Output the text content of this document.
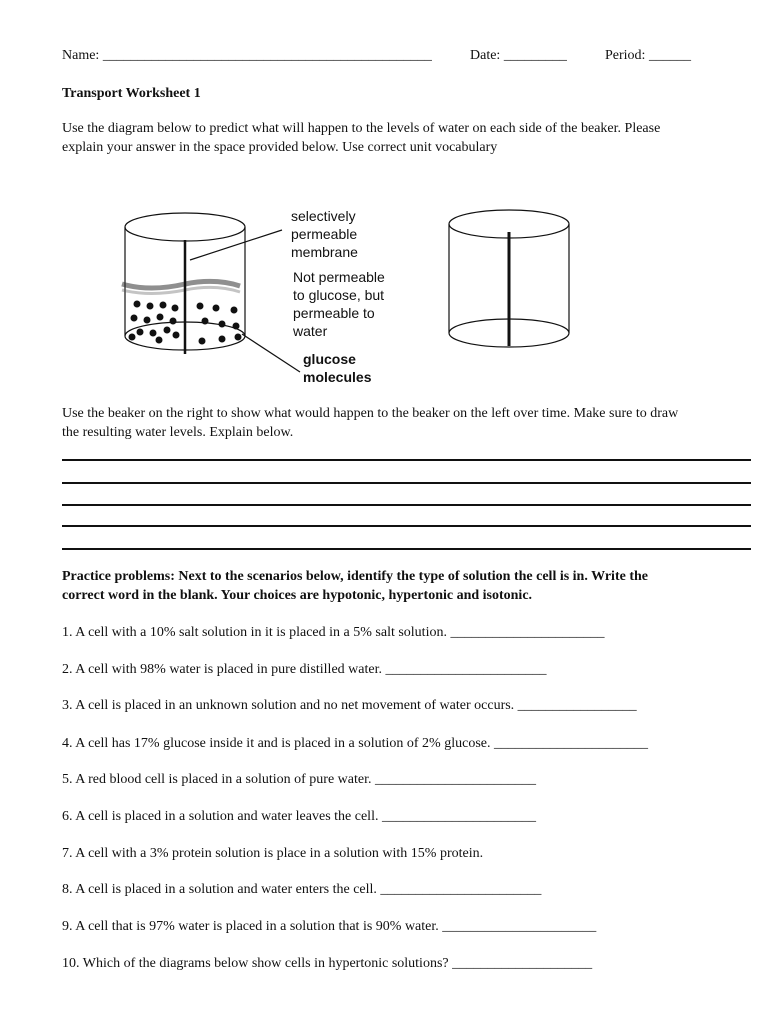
Name: _______________________________________________	Date: _________	Period: ______
Transport Worksheet 1
Use the diagram below to predict what will happen to the levels of water on each side of the beaker. Please
explain your answer in the space provided below. Use correct unit vocabulary
selectively
permeable
membrane
Not permeable
to glucose, but
permeable to
water
glucose
molecules
Use the beaker on the right to show what would happen to the beaker on the left over time. Make sure to draw
the resulting water levels. Explain below.
Practice problems: Next to the scenarios below, identify the type of solution the cell is in. Write the
correct word in the blank. Your choices are hypotonic, hypertonic and isotonic.
1. A cell with a 10% salt solution in it is placed in a 5% salt solution. ______________________
2. A cell with 98% water is placed in pure distilled water. _______________________
3. A cell is placed in an unknown solution and no net movement of water occurs. _________________
4. A cell has 17% glucose inside it and is placed in a solution of 2% glucose. ______________________
5. A red blood cell is placed in a solution of pure water. _______________________
6. A cell is placed in a solution and water leaves the cell. ______________________
7. A cell with a 3% protein solution is place in a solution with 15% protein.
8. A cell is placed in a solution and water enters the cell. _______________________
9. A cell that is 97% water is placed in a solution that is 90% water. ______________________
10. Which of the diagrams below show cells in hypertonic solutions? ____________________
